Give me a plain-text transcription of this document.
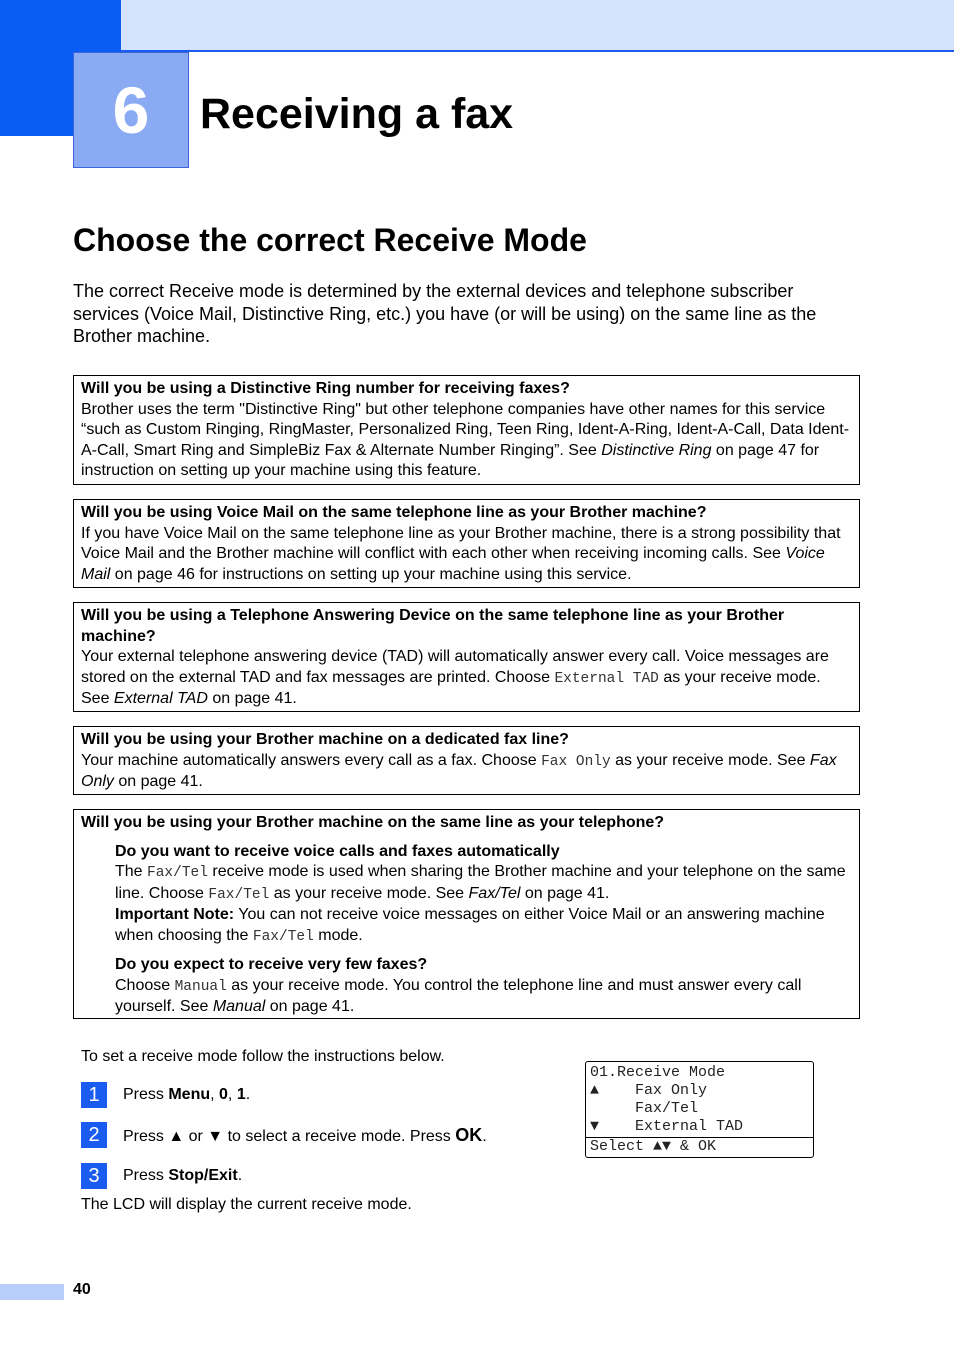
6	Receiving a fax
Choose the correct Receive Mode
The correct Receive mode is determined by the external devices and telephone subscriber services (Voice Mail, Distinctive Ring, etc.) you have (or will be using) on the same line as the Brother machine.
Will you be using a Distinctive Ring number for receiving faxes?
Brother uses the term "Distinctive Ring" but other telephone companies have other names for this service “such as Custom Ringing, RingMaster, Personalized Ring, Teen Ring, Ident-A-Ring, Ident-A-Call, Data Ident-A-Call, Smart Ring and SimpleBiz Fax & Alternate Number Ringing”. See Distinctive Ring on page 47 for instruction on setting up your machine using this feature.
Will you be using Voice Mail on the same telephone line as your Brother machine?
If you have Voice Mail on the same telephone line as your Brother machine, there is a strong possibility that Voice Mail and the Brother machine will conflict with each other when receiving incoming calls. See Voice Mail on page 46 for instructions on setting up your machine using this service.
Will you be using a Telephone Answering Device on the same telephone line as your Brother machine?
Your external telephone answering device (TAD) will automatically answer every call. Voice messages are stored on the external TAD and fax messages are printed. Choose External TAD as your receive mode. See External TAD on page 41.
Will you be using your Brother machine on a dedicated fax line?
Your machine automatically answers every call as a fax. Choose Fax Only as your receive mode. See Fax Only on page 41.
Will you be using your Brother machine on the same line as your telephone?
Do you want to receive voice calls and faxes automatically
The Fax/Tel receive mode is used when sharing the Brother machine and your telephone on the same line. Choose Fax/Tel as your receive mode. See Fax/Tel on page 41.
Important Note: You can not receive voice messages on either Voice Mail or an answering machine when choosing the Fax/Tel mode.
Do you expect to receive very few faxes?
Choose Manual as your receive mode. You control the telephone line and must answer every call yourself. See Manual on page 41.
To set a receive mode follow the instructions below.
1	Press Menu, 0, 1.
2	Press ▲ or ▼ to select a receive mode. Press OK.
3	Press Stop/Exit.
The LCD will display the current receive mode.
01.Receive Mode
▲    Fax Only
Fax/Tel
▼    External TAD
Select ▲▼ & OK
40
